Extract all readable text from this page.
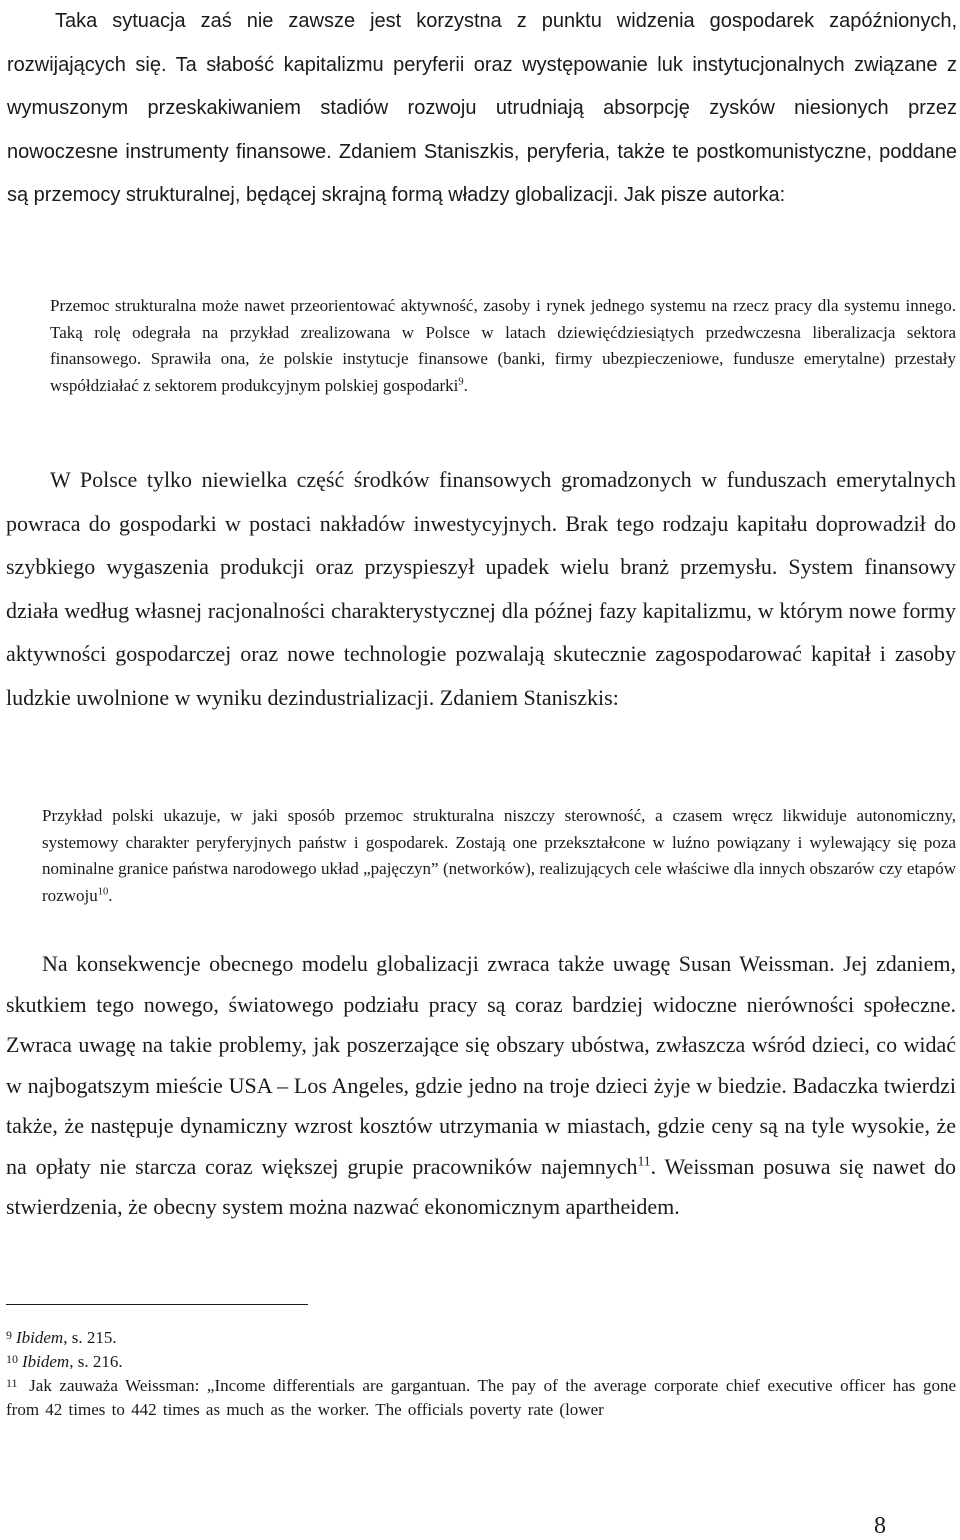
Taka sytuacja zaś nie zawsze jest korzystna z punktu widzenia gospodarek zapóźnionych, rozwijających się. Ta słabość kapitalizmu peryferii oraz występowanie luk instytucjonalnych związane z wymuszonym przeskakiwaniem stadiów rozwoju utrudniają absorpcję zysków niesionych przez nowoczesne instrumenty finansowe. Zdaniem Staniszkis, peryferia, także te postkomunistyczne, poddane są przemocy strukturalnej, będącej skrajną formą władzy globalizacji. Jak pisze autorka:

Przemoc strukturalna może nawet przeorientować aktywność, zasoby i rynek jednego systemu na rzecz pracy dla systemu innego. Taką rolę odegrała na przykład zrealizowana w Polsce w latach dziewięćdziesiątych przedwczesna liberalizacja sektora finansowego. Sprawiła ona, że polskie instytucje finansowe (banki, firmy ubezpieczeniowe, fundusze emerytalne) przestały współdziałać z sektorem produkcyjnym polskiej gospodarki$^9$.

W Polsce tylko niewielka część środków finansowych gromadzonych w funduszach emerytalnych powraca do gospodarki w postaci nakładów inwestycyjnych. Brak tego rodzaju kapitału doprowadził do szybkiego wygaszenia produkcji oraz przyspieszył upadek wielu branż przemysłu. System finansowy działa według własnej racjonalności charakterystycznej dla późnej fazy kapitalizmu, w którym nowe formy aktywności gospodarczej oraz nowe technologie pozwalają skutecznie zagospodarować kapitał i zasoby ludzkie uwolnione w wyniku dezindustrializacji. Zdaniem Staniszkis:

Przykład polski ukazuje, w jaki sposób przemoc strukturalna niszczy sterowność, a czasem wręcz likwiduje autonomiczny, systemowy charakter peryferyjnych państw i gospodarek. Zostają one przekształcone w luźno powiązany i wylewający się poza nominalne granice państwa narodowego układ „pajęczyn” (networków), realizujących cele właściwe dla innych obszarów czy etapów rozwoju$^{10}$.

Na konsekwencje obecnego modelu globalizacji zwraca także uwagę Susan Weissman. Jej zdaniem, skutkiem tego nowego, światowego podziału pracy są coraz bardziej widoczne nierówności społeczne. Zwraca uwagę na takie problemy, jak poszerzające się obszary ubóstwa, zwłaszcza wśród dzieci, co widać w najbogatszym mieście USA – Los Angeles, gdzie jedno na troje dzieci żyje w biedzie. Badaczka twierdzi także, że następuje dynamiczny wzrost kosztów utrzymania w miastach, gdzie ceny są na tyle wysokie, że na opłaty nie starcza coraz większej grupie pracowników najemnych$^{11}$. Weissman posuwa się nawet do stwierdzenia, że obecny system można nazwać ekonomicznym apartheidem.

$^9$ Ibidem, s. 215.

$^{10}$ Ibidem, s. 216.

$^{11}$ Jak zauważa Weissman: „Income differentials are gargantuan. The pay of the average corporate chief executive officer has gone from 42 times to 442 times as much as the worker. The officials poverty rate (lower

8
